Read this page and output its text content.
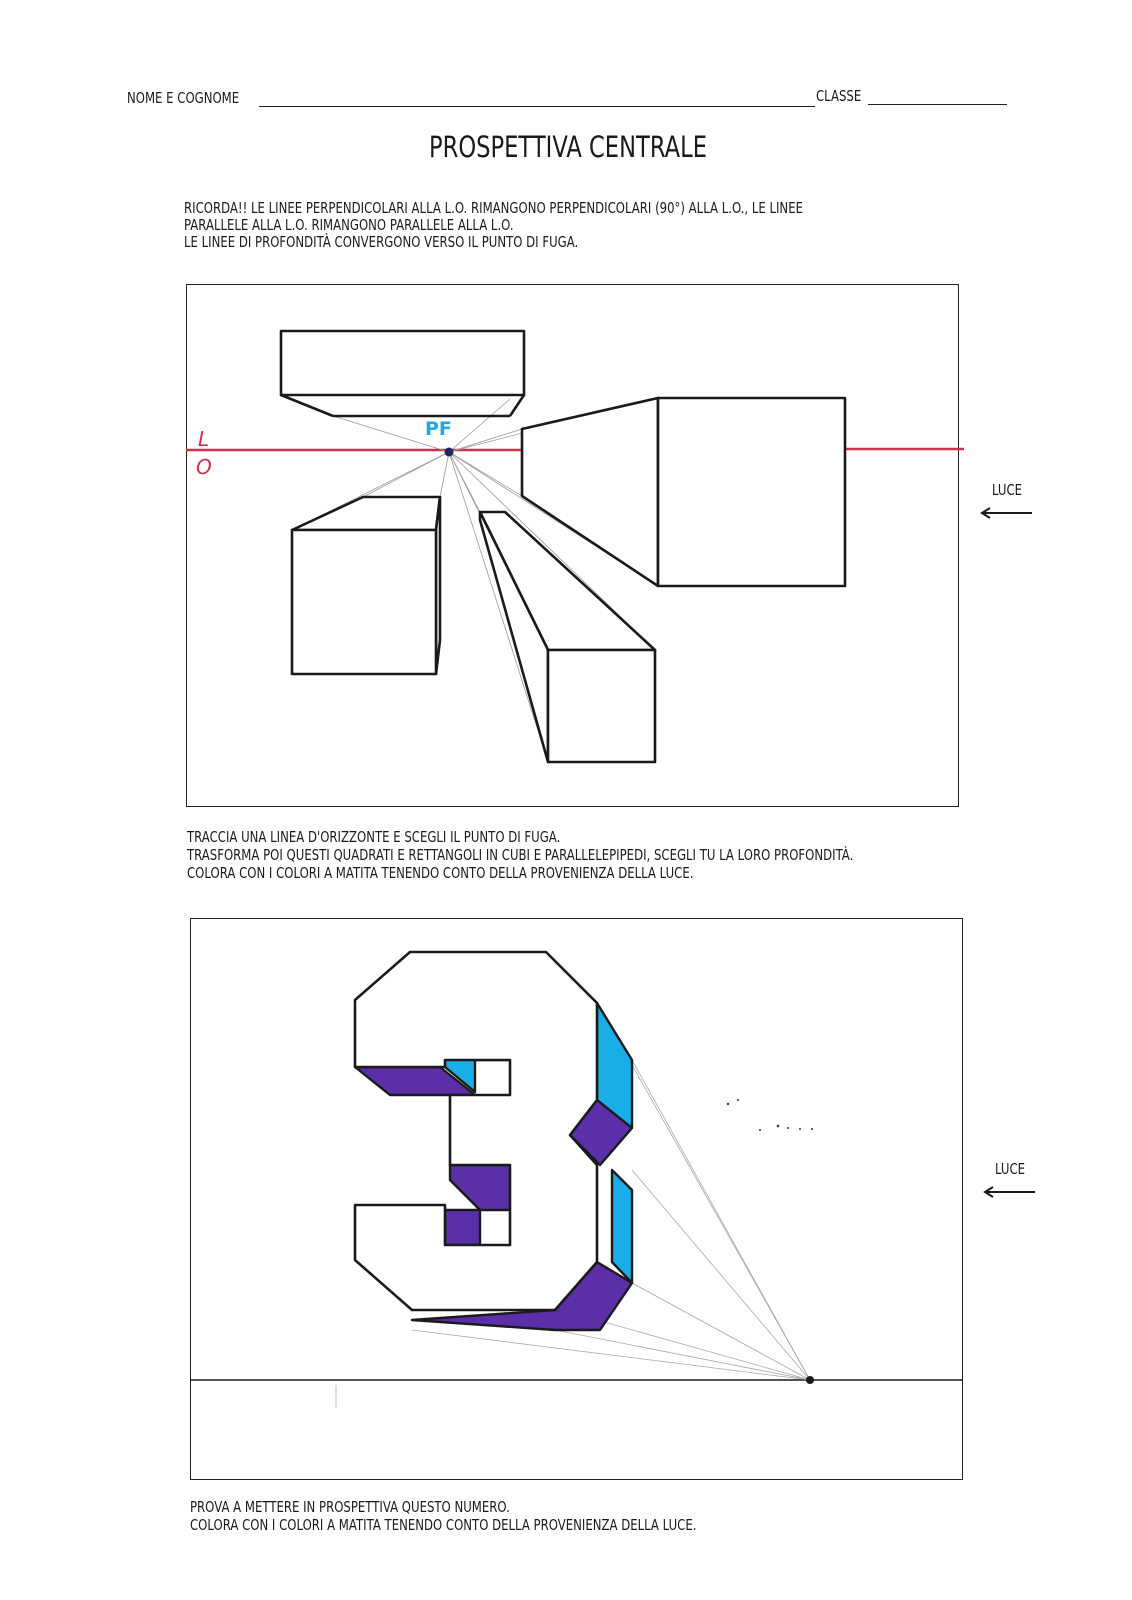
NOME E COGNOME	CLASSE
PROSPETTIVA CENTRALE
RICORDA!! LE LINEE PERPENDICOLARI ALLA L.O. RIMANGONO PERPENDICOLARI (90°) ALLA L.O., LE LINEE
PARALLELE ALLA L.O. RIMANGONO PARALLELE ALLA L.O.
LE LINEE DI PROFONDITÀ CONVERGONO VERSO IL PUNTO DI FUGA.
L
O
PF
LUCE
TRACCIA UNA LINEA D'ORIZZONTE E SCEGLI IL PUNTO DI FUGA.
TRASFORMA POI QUESTI QUADRATI E RETTANGOLI IN CUBI E PARALLELEPIPEDI, SCEGLI TU LA LORO PROFONDITÀ.
COLORA CON I COLORI A MATITA TENENDO CONTO DELLA PROVENIENZA DELLA LUCE.
LUCE
PROVA A METTERE IN PROSPETTIVA QUESTO NUMERO.
COLORA CON I COLORI A MATITA TENENDO CONTO DELLA PROVENIENZA DELLA LUCE.
